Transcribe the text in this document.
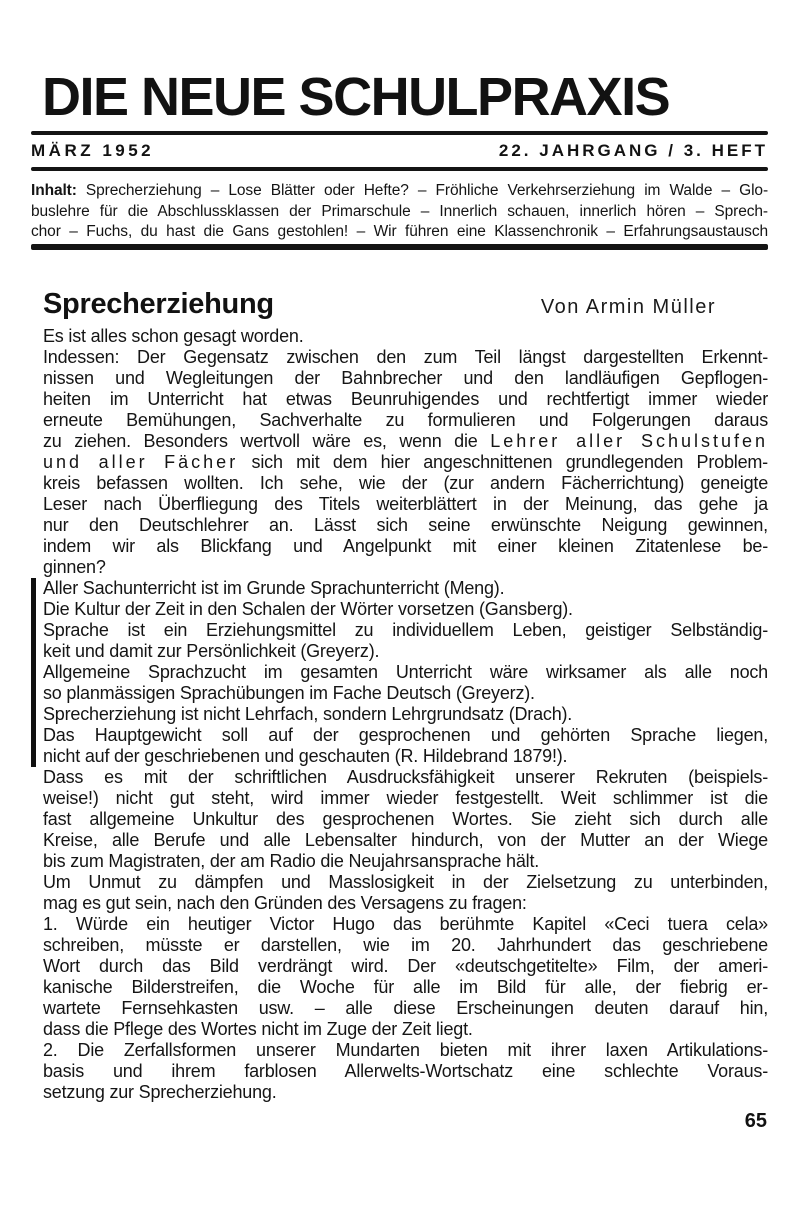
DIE NEUE SCHULPRAXIS
MÄRZ 1952	22. JAHRGANG / 3. HEFT
Inhalt: Sprecherziehung – Lose Blätter oder Hefte? – Fröhliche Verkehrserziehung im Walde – Glo-
buslehre für die Abschlussklassen der Primarschule – Innerlich schauen, innerlich hören – Sprech-
chor – Fuchs, du hast die Gans gestohlen! – Wir führen eine Klassenchronik – Erfahrungsaustausch
Sprecherziehung	Von Armin Müller
Es ist alles schon gesagt worden.
Indessen: Der Gegensatz zwischen den zum Teil längst dargestellten Erkennt-
nissen und Wegleitungen der Bahnbrecher und den landläufigen Gepflogen-
heiten im Unterricht hat etwas Beunruhigendes und rechtfertigt immer wieder
erneute Bemühungen, Sachverhalte zu formulieren und Folgerungen daraus
zu ziehen. Besonders wertvoll wäre es, wenn die Lehrer aller Schulstufen
und aller Fächer sich mit dem hier angeschnittenen grundlegenden Problem-
kreis befassen wollten. Ich sehe, wie der (zur andern Fächerrichtung) geneigte
Leser nach Überfliegung des Titels weiterblättert in der Meinung, das gehe ja
nur den Deutschlehrer an. Lässt sich seine erwünschte Neigung gewinnen,
indem wir als Blickfang und Angelpunkt mit einer kleinen Zitatenlese be-
ginnen?
Aller Sachunterricht ist im Grunde Sprachunterricht (Meng).
Die Kultur der Zeit in den Schalen der Wörter vorsetzen (Gansberg).
Sprache ist ein Erziehungsmittel zu individuellem Leben, geistiger Selbständig-
keit und damit zur Persönlichkeit (Greyerz).
Allgemeine Sprachzucht im gesamten Unterricht wäre wirksamer als alle noch
so planmässigen Sprachübungen im Fache Deutsch (Greyerz).
Sprecherziehung ist nicht Lehrfach, sondern Lehrgrundsatz (Drach).
Das Hauptgewicht soll auf der gesprochenen und gehörten Sprache liegen,
nicht auf der geschriebenen und geschauten (R. Hildebrand 1879!).
Dass es mit der schriftlichen Ausdrucksfähigkeit unserer Rekruten (beispiels-
weise!) nicht gut steht, wird immer wieder festgestellt. Weit schlimmer ist die
fast allgemeine Unkultur des gesprochenen Wortes. Sie zieht sich durch alle
Kreise, alle Berufe und alle Lebensalter hindurch, von der Mutter an der Wiege
bis zum Magistraten, der am Radio die Neujahrsansprache hält.
Um Unmut zu dämpfen und Masslosigkeit in der Zielsetzung zu unterbinden,
mag es gut sein, nach den Gründen des Versagens zu fragen:
1. Würde ein heutiger Victor Hugo das berühmte Kapitel «Ceci tuera cela»
schreiben, müsste er darstellen, wie im 20. Jahrhundert das geschriebene
Wort durch das Bild verdrängt wird. Der «deutschgetitelte» Film, der ameri-
kanische Bilderstreifen, die Woche für alle im Bild für alle, der fiebrig er-
wartete Fernsehkasten usw. – alle diese Erscheinungen deuten darauf hin,
dass die Pflege des Wortes nicht im Zuge der Zeit liegt.
2. Die Zerfallsformen unserer Mundarten bieten mit ihrer laxen Artikulations-
basis und ihrem farblosen Allerwelts-Wortschatz eine schlechte Voraus-
setzung zur Sprecherziehung.
65
